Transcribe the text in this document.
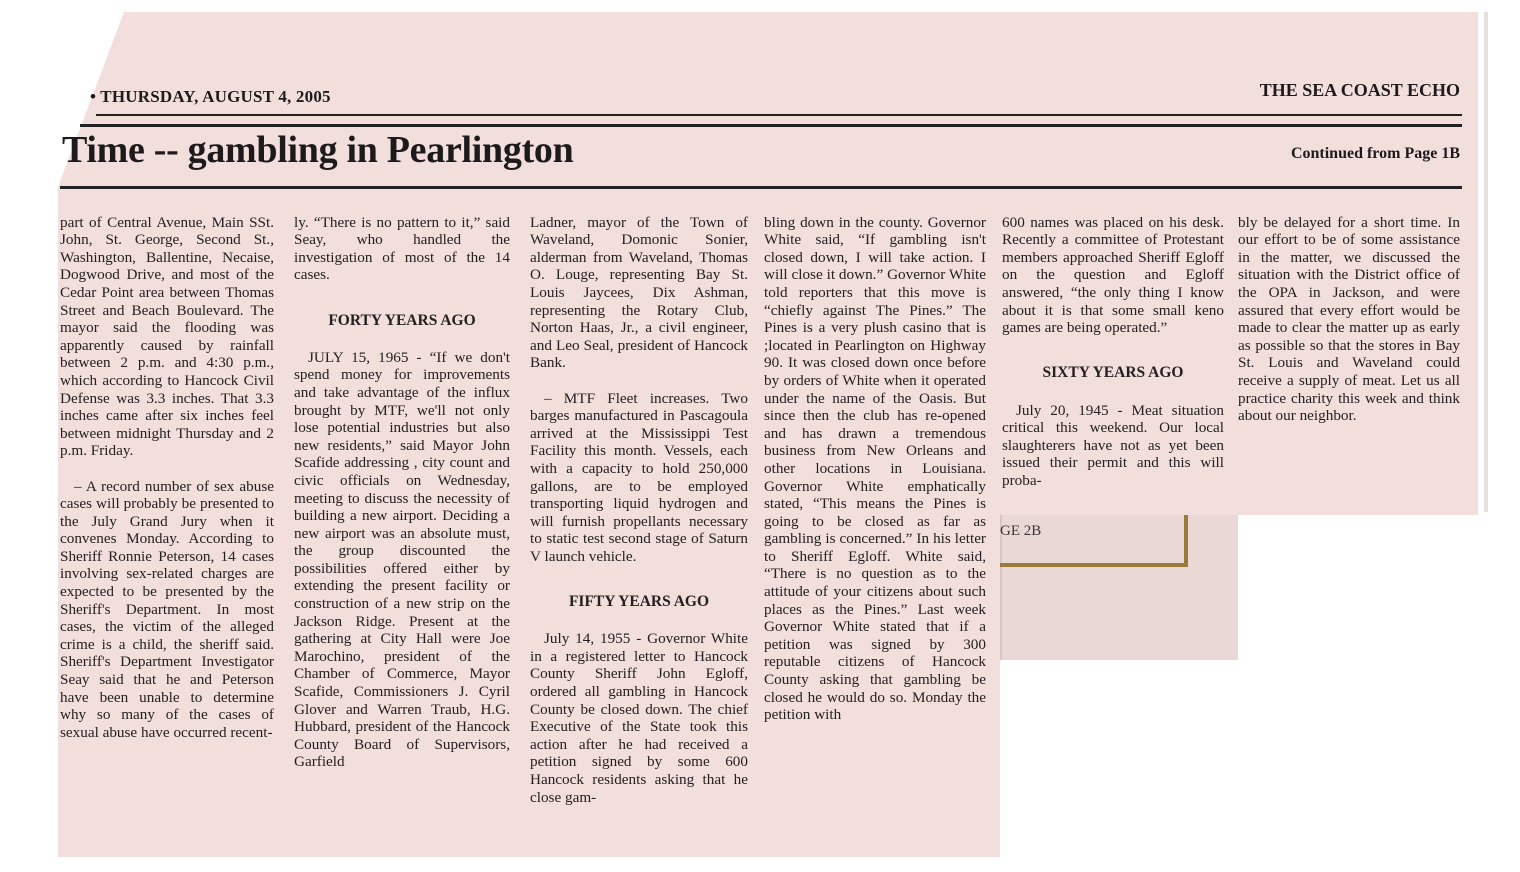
GE 2B
• THURSDAY, AUGUST 4, 2005	THE SEA COAST ECHO
Time -- gambling in Pearlington	Continued from Page 1B

part of Central Avenue, Main SSt. John, St. George, Second St., Washington, Ballentine, Necaise, Dogwood Drive, and most of the Cedar Point area between Thomas Street and Beach Boulevard. The mayor said the flooding was apparently caused by rainfall between 2 p.m. and 4:30 p.m., which according to Hancock Civil Defense was 3.3 inches. That 3.3 inches came after six inches feel between midnight Thursday and 2 p.m. Friday.

– A record number of sex abuse cases will probably be presented to the July Grand Jury when it convenes Monday. According to Sheriff Ronnie Peterson, 14 cases involving sex-related charges are expected to be presented by the Sheriff's Department. In most cases, the victim of the alleged crime is a child, the sheriff said. Sheriff's Department Investigator Seay said that he and Peterson have been unable to determine why so many of the cases of sexual abuse have occurred recent-

ly. “There is no pattern to it,” said Seay, who handled the investigation of most of the 14 cases.

FORTY YEARS AGO

JULY 15, 1965 - “If we don't spend money for improvements and take advantage of the influx brought by MTF, we'll not only lose potential industries but also new residents,” said Mayor John Scafide addressing , city count and civic officials on Wednesday, meeting to discuss the necessity of building a new airport. Deciding a new airport was an absolute must, the group discounted the possibilities offered either by extending the present facility or construction of a new strip on the Jackson Ridge. Present at the gathering at City Hall were Joe Marochino, president of the Chamber of Commerce, Mayor Scafide, Commissioners J. Cyril Glover and Warren Traub, H.G. Hubbard, president of the Hancock County Board of Supervisors, Garfield

Ladner, mayor of the Town of Waveland, Domonic Sonier, alderman from Waveland, Thomas O. Louge, representing Bay St. Louis Jaycees, Dix Ashman, representing the Rotary Club, Norton Haas, Jr., a civil engineer, and Leo Seal, president of Hancock Bank.

– MTF Fleet increases. Two barges manufactured in Pascagoula arrived at the Mississippi Test Facility this month. Vessels, each with a capacity to hold 250,000 gallons, are to be employed transporting liquid hydrogen and will furnish propellants necessary to static test second stage of Saturn V launch vehicle.

FIFTY YEARS AGO

July 14, 1955 - Governor White in a registered letter to Hancock County Sheriff John Egloff, ordered all gambling in Hancock County be closed down. The chief Executive of the State took this action after he had received a petition signed by some 600 Hancock residents asking that he close gam-

bling down in the county. Governor White said, “If gambling isn't closed down, I will take action. I will close it down.” Governor White told reporters that this move is “chiefly against The Pines.” The Pines is a very plush casino that is ;located in Pearlington on Highway 90. It was closed down once before by orders of White when it operated under the name of the Oasis. But since then the club has re-opened and has drawn a tremendous business from New Orleans and other locations in Louisiana. Governor White emphatically stated, “This means the Pines is going to be closed as far as gambling is concerned.” In his letter to Sheriff Egloff. White said, “There is no question as to the attitude of your citizens about such places as the Pines.” Last week Governor White stated that if a petition was signed by 300 reputable citizens of Hancock County asking that gambling be closed he would do so. Monday the petition with

600 names was placed on his desk. Recently a committee of Protestant members approached Sheriff Egloff on the question and Egloff answered, “the only thing I know about it is that some small keno games are being operated.”

SIXTY YEARS AGO

July 20, 1945 - Meat situation critical this weekend. Our local slaughterers have not as yet been issued their permit and this will proba-

bly be delayed for a short time. In our effort to be of some assistance in the matter, we discussed the situation with the District office of the OPA in Jackson, and were assured that every effort would be made to clear the matter up as early as possible so that the stores in Bay St. Louis and Waveland could receive a supply of meat. Let us all practice charity this week and think about our neighbor.
